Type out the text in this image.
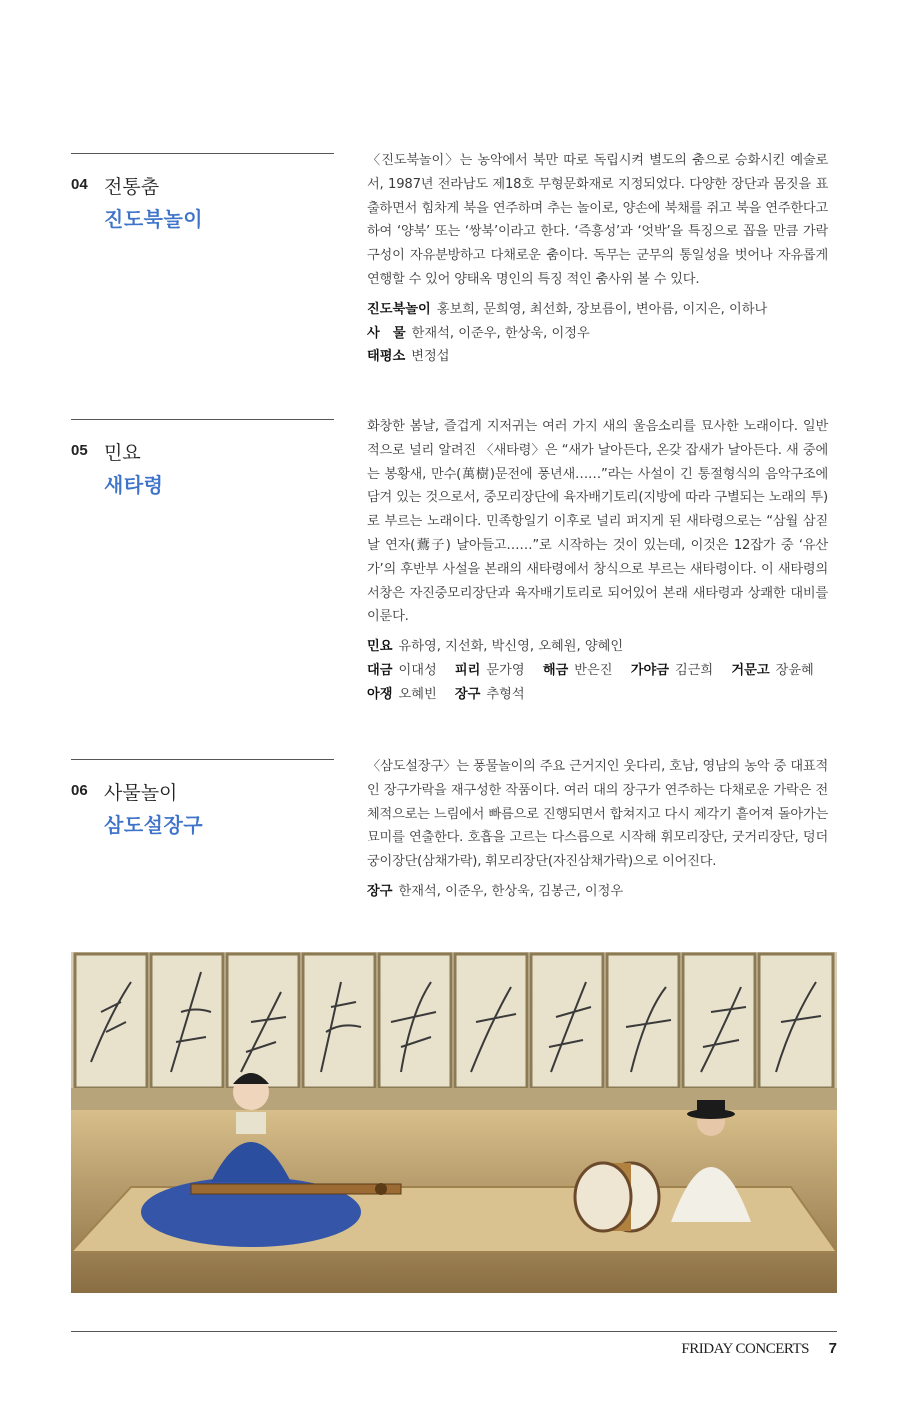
04 전통춤
진도북놀이

〈진도북놀이〉는 농악에서 북만 따로 독립시켜 별도의 춤으로 승화시킨 예술로서, 1987년 전라남도 제18호 무형문화재로 지정되었다. 다양한 장단과 몸짓을 표출하면서 힘차게 북을 연주하며 추는 놀이로, 양손에 북채를 쥐고 북을 연주한다고 하여 ‘양북’ 또는 ‘쌍북’이라고 한다. ‘즉흥성’과 ‘엇박’을 특징으로 꼽을 만큼 가락 구성이 자유분방하고 다채로운 춤이다. 독무는 군무의 통일성을 벗어나 자유롭게 연행할 수 있어 양태옥 명인의 특징 적인 춤사위 볼 수 있다.

진도북놀이 홍보희, 문희영, 최선화, 장보름이, 변아름, 이지은, 이하나
사　물 한재석, 이준우, 한상욱, 이정우
태평소 변정섭
05 민요
새타령

화창한 봄날, 즐겁게 지저귀는 여러 가지 새의 울음소리를 묘사한 노래이다. 일반적으로 널리 알려진 〈새타령〉은 “새가 날아든다, 온갖 잡새가 날아든다. 새 중에는 봉황새, 만수(萬樹)문전에 풍년새……”라는 사설이 긴 통절형식의 음악구조에 담겨 있는 것으로서, 중모리장단에 육자배기토리(지방에 따라 구별되는 노래의 투)로 부르는 노래이다. 민족항일기 이후로 널리 퍼지게 된 새타령으로는 “삼월 삼짇날 연자(鷰子) 날아들고……”로 시작하는 것이 있는데, 이것은 12잡가 중 ‘유산가’의 후반부 사설을 본래의 새타령에서 창식으로 부르는 새타령이다. 이 새타령의 서창은 자진중모리장단과 육자배기토리로 되어있어 본래 새타령과 상쾌한 대비를 이룬다.

민요 유하영, 지선화, 박신영, 오혜원, 양혜인
대금 이대성 피리 문가영 해금 반은진 가야금 김근희 거문고 장윤혜
아쟁 오혜빈 장구 추형석
06 사물놀이
삼도설장구

〈삼도설장구〉는 풍물놀이의 주요 근거지인 웃다리, 호남, 영남의 농악 중 대표적인 장구가락을 재구성한 작품이다. 여러 대의 장구가 연주하는 다채로운 가락은 전체적으로는 느림에서 빠름으로 진행되면서 합쳐지고 다시 제각기 흩어져 돌아가는 묘미를 연출한다. 호흡을 고르는 다스름으로 시작해 휘모리장단, 굿거리장단, 덩더궁이장단(삼채가락), 휘모리장단(자진삼채가락)으로 이어진다.

장구 한재석, 이준우, 한상욱, 김봉근, 이정우
FRIDAY CONCERTS 7
